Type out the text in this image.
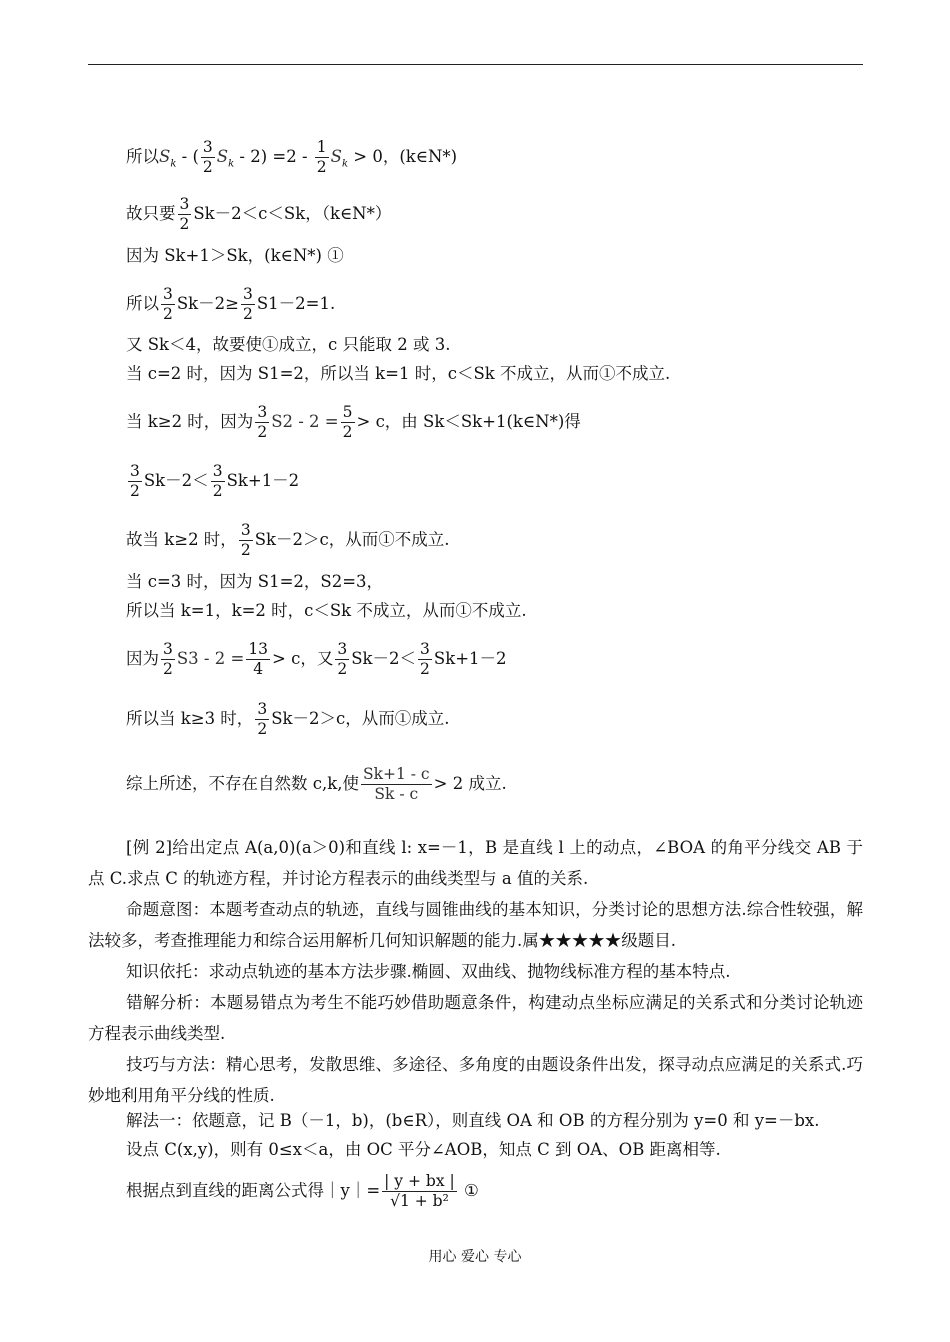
所以$S_k$ - ( $\frac{3}{2} S_k - 2) =2 - \frac{1}{2} S_k > 0$，(k∈N*)
故只要 $\frac{3}{2} Sk-2<c<Sk$，（k∈N*）
因为 Sk+1＞Sk，(k∈N*) ①
所以 $\frac{3}{2} Sk-2\ge \frac{3}{2} S1-2=1$.
又 Sk＜4，故要使①成立，c 只能取 2 或 3.
当 c=2 时，因为 S1=2，所以当 k=1 时，c＜Sk 不成立，从而①不成立.
当 k≥2 时，因为 $\frac{3}{2} S2 - 2 = \frac{5}{2} > c$，由 Sk＜Sk+1(k∈N*)得
$\frac{3}{2} Sk-2< \frac{3}{2} Sk+1-2$
故当 k≥2 时， $\frac{3}{2} Sk-2>c$，从而①不成立.
当 c=3 时，因为 S1=2，S2=3，
所以当 k=1，k=2 时，c＜Sk 不成立，从而①不成立.
因为 $\frac{3}{2} S3 - 2 = \frac{13}{4} > c$，又 $\frac{3}{2} Sk-2< \frac{3}{2} Sk+1-2$
所以当 k≥3 时， $\frac{3}{2} Sk-2>c$，从而①成立.
综上所述，不存在自然数 c,k,使 $\frac{Sk+1 - c}{Sk - c} > 2$ 成立.
[例 2]给出定点 A(a,0)(a＞0)和直线 l: x=－1，B 是直线 l 上的动点，∠BOA 的角平分线交 AB 于点 C.求点 C 的轨迹方程，并讨论方程表示的曲线类型与 a 值的关系.
命题意图：本题考查动点的轨迹，直线与圆锥曲线的基本知识，分类讨论的思想方法.综合性较强，解法较多，考查推理能力和综合运用解析几何知识解题的能力.属★★★★★级题目.
知识依托：求动点轨迹的基本方法步骤.椭圆、双曲线、抛物线标准方程的基本特点.
错解分析：本题易错点为考生不能巧妙借助题意条件，构建动点坐标应满足的关系式和分类讨论轨迹方程表示曲线类型.
技巧与方法：精心思考，发散思维、多途径、多角度的由题设条件出发，探寻动点应满足的关系式.巧妙地利用角平分线的性质.
解法一：依题意，记 B（－1，b)，(b∈R），则直线 OA 和 OB 的方程分别为 y=0 和 y=－bx.
设点 C(x,y)，则有 0≤x＜a，由 OC 平分∠AOB，知点 C 到 OA、OB 距离相等.
根据点到直线的距离公式得｜y｜= $\frac{| y + bx |}{\text{√1 + b²}}$ ①
用心 爱心 专心
